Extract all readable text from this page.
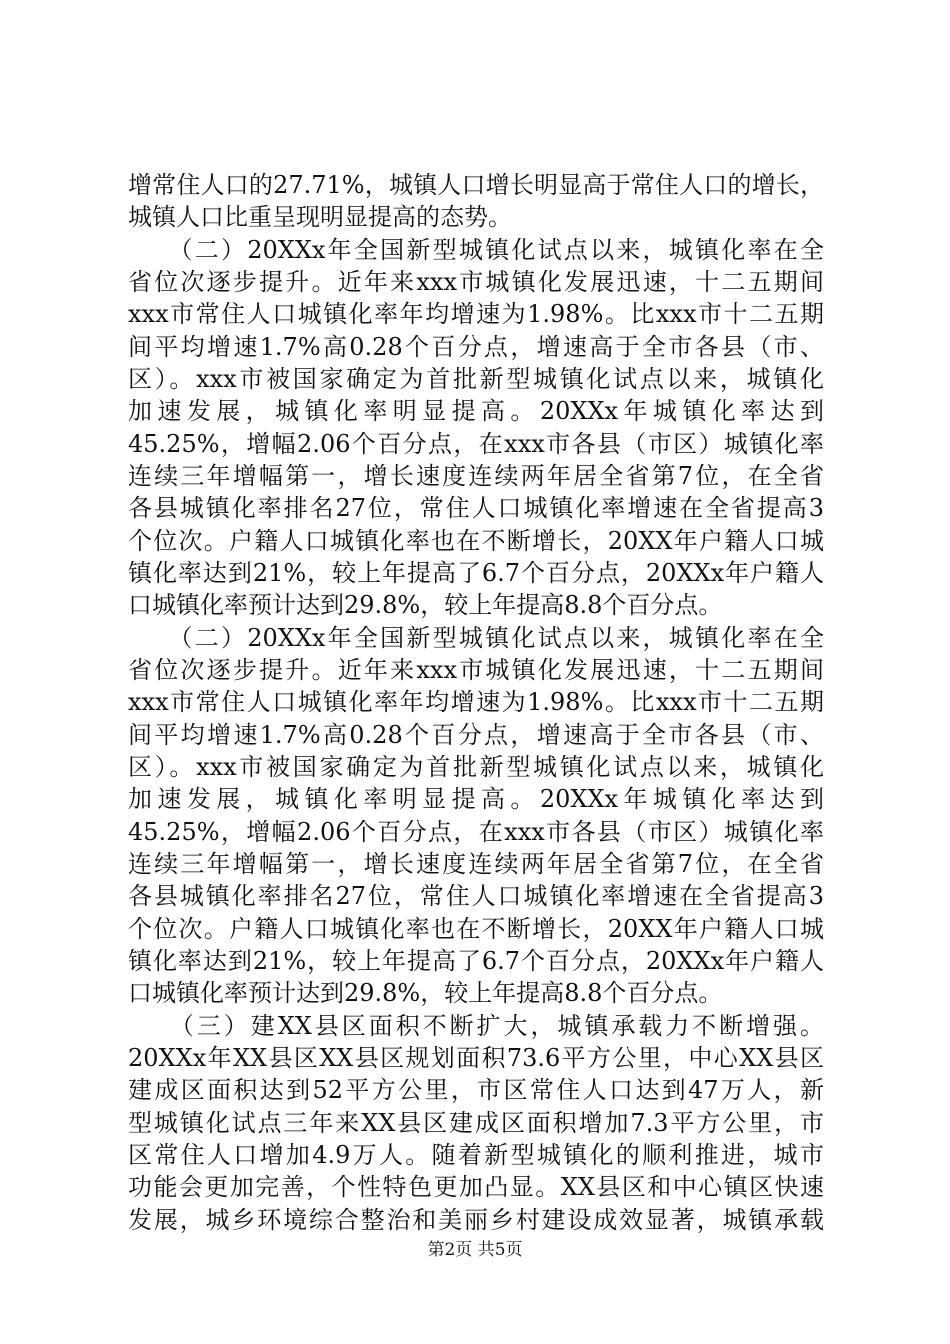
增常住人口的27.71%，城镇人口增长明显高于常住人口的增长，
城镇人口比重呈现明显提高的态势。
　　（二）20XXx年全国新型城镇化试点以来，城镇化率在全
省位次逐步提升。近年来xxx市城镇化发展迅速，十二五期间
xxx市常住人口城镇化率年均增速为1.98%。比xxx市十二五期
间平均增速1.7%高0.28个百分点，增速高于全市各县（市、
区）。xxx市被国家确定为首批新型城镇化试点以来，城镇化
加速发展，城镇化率明显提高。20XXx年城镇化率达到
45.25%，增幅2.06个百分点，在xxx市各县（市区）城镇化率
连续三年增幅第一，增长速度连续两年居全省第7位，在全省
各县城镇化率排名27位，常住人口城镇化率增速在全省提高3
个位次。户籍人口城镇化率也在不断增长，20XX年户籍人口城
镇化率达到21%，较上年提高了6.7个百分点，20XXx年户籍人
口城镇化率预计达到29.8%，较上年提高8.8个百分点。
　　（二）20XXx年全国新型城镇化试点以来，城镇化率在全
省位次逐步提升。近年来xxx市城镇化发展迅速，十二五期间
xxx市常住人口城镇化率年均增速为1.98%。比xxx市十二五期
间平均增速1.7%高0.28个百分点，增速高于全市各县（市、
区）。xxx市被国家确定为首批新型城镇化试点以来，城镇化
加速发展，城镇化率明显提高。20XXx年城镇化率达到
45.25%，增幅2.06个百分点，在xxx市各县（市区）城镇化率
连续三年增幅第一，增长速度连续两年居全省第7位，在全省
各县城镇化率排名27位，常住人口城镇化率增速在全省提高3
个位次。户籍人口城镇化率也在不断增长，20XX年户籍人口城
镇化率达到21%，较上年提高了6.7个百分点，20XXx年户籍人
口城镇化率预计达到29.8%，较上年提高8.8个百分点。
　　（三）建XX县区面积不断扩大，城镇承载力不断增强。
20XXx年XX县区XX县区规划面积73.6平方公里，中心XX县区
建成区面积达到52平方公里，市区常住人口达到47万人，新
型城镇化试点三年来XX县区建成区面积增加7.3平方公里，市
区常住人口增加4.9万人。随着新型城镇化的顺利推进，城市
功能会更加完善，个性特色更加凸显。XX县区和中心镇区快速
发展，城乡环境综合整治和美丽乡村建设成效显著，城镇承载
第2页 共5页
